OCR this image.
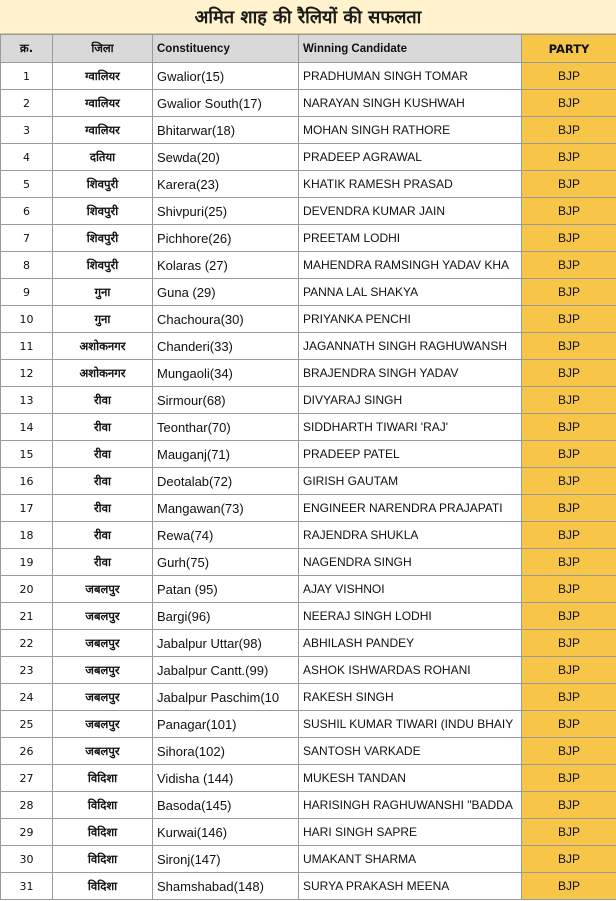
अमित शाह की रैलियों की सफलता
क्र.	जिला	Constituency	Winning Candidate	PARTY
1	ग्वालियर	Gwalior(15)	PRADHUMAN SINGH TOMAR	BJP
2	ग्वालियर	Gwalior South(17)	NARAYAN SINGH KUSHWAH	BJP
3	ग्वालियर	Bhitarwar(18)	MOHAN SINGH RATHORE	BJP
4	दतिया	Sewda(20)	PRADEEP AGRAWAL	BJP
5	शिवपुरी	Karera(23)	KHATIK RAMESH PRASAD	BJP
6	शिवपुरी	Shivpuri(25)	DEVENDRA KUMAR JAIN	BJP
7	शिवपुरी	Pichhore(26)	PREETAM LODHI	BJP
8	शिवपुरी	Kolaras (27)	MAHENDRA RAMSINGH YADAV KHA	BJP
9	गुना	Guna (29)	PANNA LAL SHAKYA	BJP
10	गुना	Chachoura(30)	PRIYANKA PENCHI	BJP
11	अशोकनगर	Chanderi(33)	JAGANNATH SINGH RAGHUWANSH	BJP
12	अशोकनगर	Mungaoli(34)	BRAJENDRA SINGH YADAV	BJP
13	रीवा	Sirmour(68)	DIVYARAJ SINGH	BJP
14	रीवा	Teonthar(70)	SIDDHARTH TIWARI 'RAJ'	BJP
15	रीवा	Mauganj(71)	PRADEEP PATEL	BJP
16	रीवा	Deotalab(72)	GIRISH GAUTAM	BJP
17	रीवा	Mangawan(73)	ENGINEER NARENDRA PRAJAPATI	BJP
18	रीवा	Rewa(74)	RAJENDRA SHUKLA	BJP
19	रीवा	Gurh(75)	NAGENDRA SINGH	BJP
20	जबलपुर	Patan (95)	AJAY VISHNOI	BJP
21	जबलपुर	Bargi(96)	NEERAJ SINGH LODHI	BJP
22	जबलपुर	Jabalpur Uttar(98)	ABHILASH PANDEY	BJP
23	जबलपुर	Jabalpur Cantt.(99)	ASHOK ISHWARDAS ROHANI	BJP
24	जबलपुर	Jabalpur Paschim(10	RAKESH SINGH	BJP
25	जबलपुर	Panagar(101)	SUSHIL KUMAR TIWARI (INDU BHAIY	BJP
26	जबलपुर	Sihora(102)	SANTOSH VARKADE	BJP
27	विदिशा	Vidisha (144)	MUKESH TANDAN	BJP
28	विदिशा	Basoda(145)	HARISINGH RAGHUWANSHI "BADDA	BJP
29	विदिशा	Kurwai(146)	HARI SINGH SAPRE	BJP
30	विदिशा	Sironj(147)	UMAKANT SHARMA	BJP
31	विदिशा	Shamshabad(148)	SURYA PRAKASH MEENA	BJP
